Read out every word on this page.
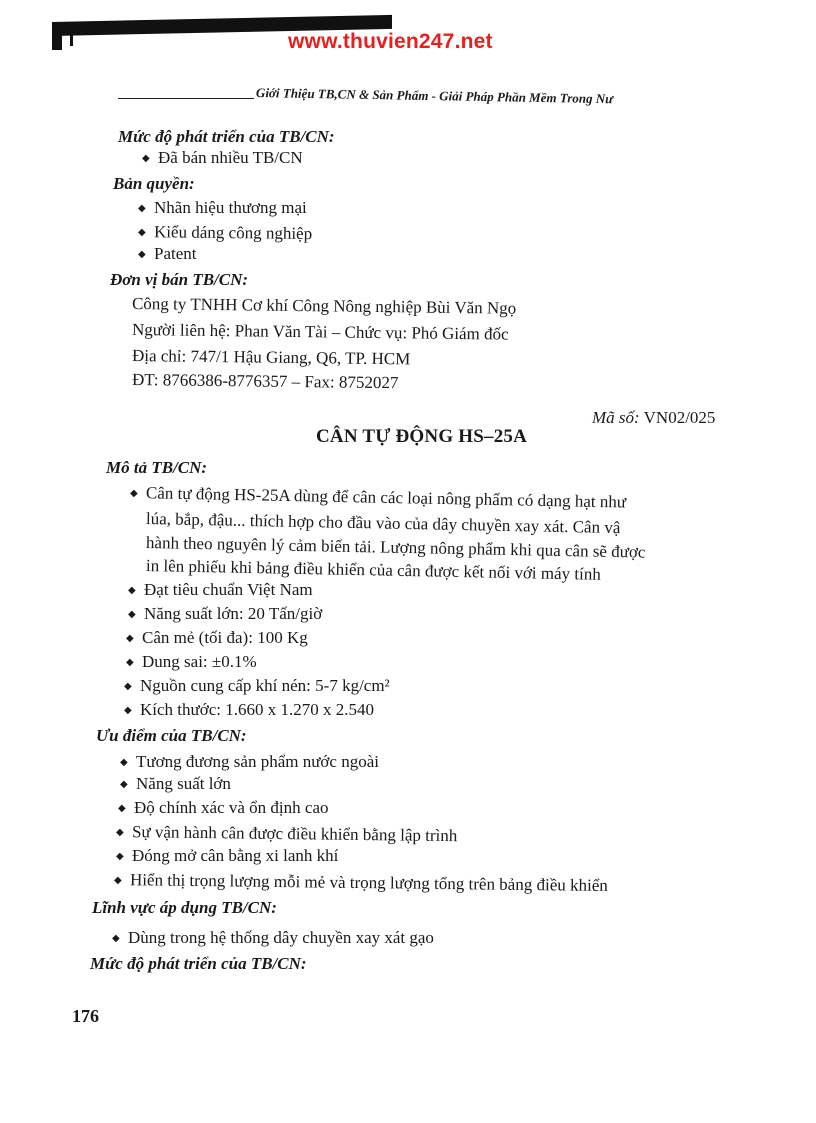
www.thuvien247.net
Giới Thiệu TB,CN & Sản Phẩm - Giải Pháp Phần Mềm Trong Nư
Mức độ phát triển của TB/CN:
◆ Đã bán nhiều TB/CN
Bản quyền:
◆ Nhãn hiệu thương mại
◆ Kiểu dáng công nghiệp
◆ Patent
Đơn vị bán TB/CN:
Công ty TNHH Cơ khí Công Nông nghiệp Bùi Văn Ngọ
Người liên hệ: Phan Văn Tài – Chức vụ: Phó Giám đốc
Địa chỉ: 747/1 Hậu Giang, Q6, TP. HCM
ĐT: 8766386-8776357 – Fax: 8752027
Mã số: VN02/025
CÂN TỰ ĐỘNG HS–25A
Mô tả TB/CN:
◆ Cân tự động HS-25A dùng để cân các loại nông phẩm có dạng hạt như
lúa, bắp, đậu... thích hợp cho đầu vào của dây chuyền xay xát. Cân vậ
hành theo nguyên lý cảm biến tải. Lượng nông phẩm khi qua cân sẽ được
in lên phiếu khi bảng điều khiển của cân được kết nối với máy tính
◆ Đạt tiêu chuẩn Việt Nam
◆ Năng suất lớn: 20 Tấn/giờ
◆ Cân mẻ (tối đa): 100 Kg
◆ Dung sai: ±0.1%
◆ Nguồn cung cấp khí nén: 5-7 kg/cm²
◆ Kích thước: 1.660 x 1.270 x 2.540
Ưu điểm của TB/CN:
◆ Tương đương sản phẩm nước ngoài
◆ Năng suất lớn
◆ Độ chính xác và ổn định cao
◆ Sự vận hành cân được điều khiển bằng lập trình
◆ Đóng mở cân bằng xi lanh khí
◆ Hiển thị trọng lượng mỗi mẻ và trọng lượng tổng trên bảng điều khiển
Lĩnh vực áp dụng TB/CN:
◆ Dùng trong hệ thống dây chuyền xay xát gạo
Mức độ phát triển của TB/CN:
176
